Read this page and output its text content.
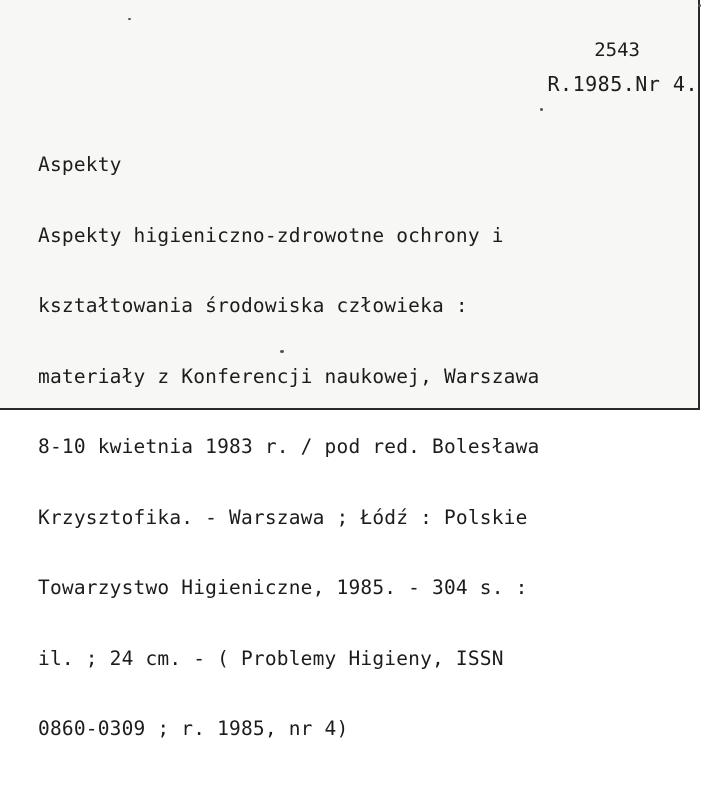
2543
R.1985.Nr 4.

Aspekty

Aspekty higieniczno-zdrowotne ochrony i

kształtowania środowiska człowieka :

materiały z Konferencji naukowej, Warszawa

8-10 kwietnia 1983 r. / pod red. Bolesława

Krzysztofika. - Warszawa ; Łódź : Polskie

Towarzystwo Higieniczne, 1985. - 304 s. :

il. ; 24 cm. - ( Problemy Higieny, ISSN

0860-0309 ; r. 1985, nr 4)
